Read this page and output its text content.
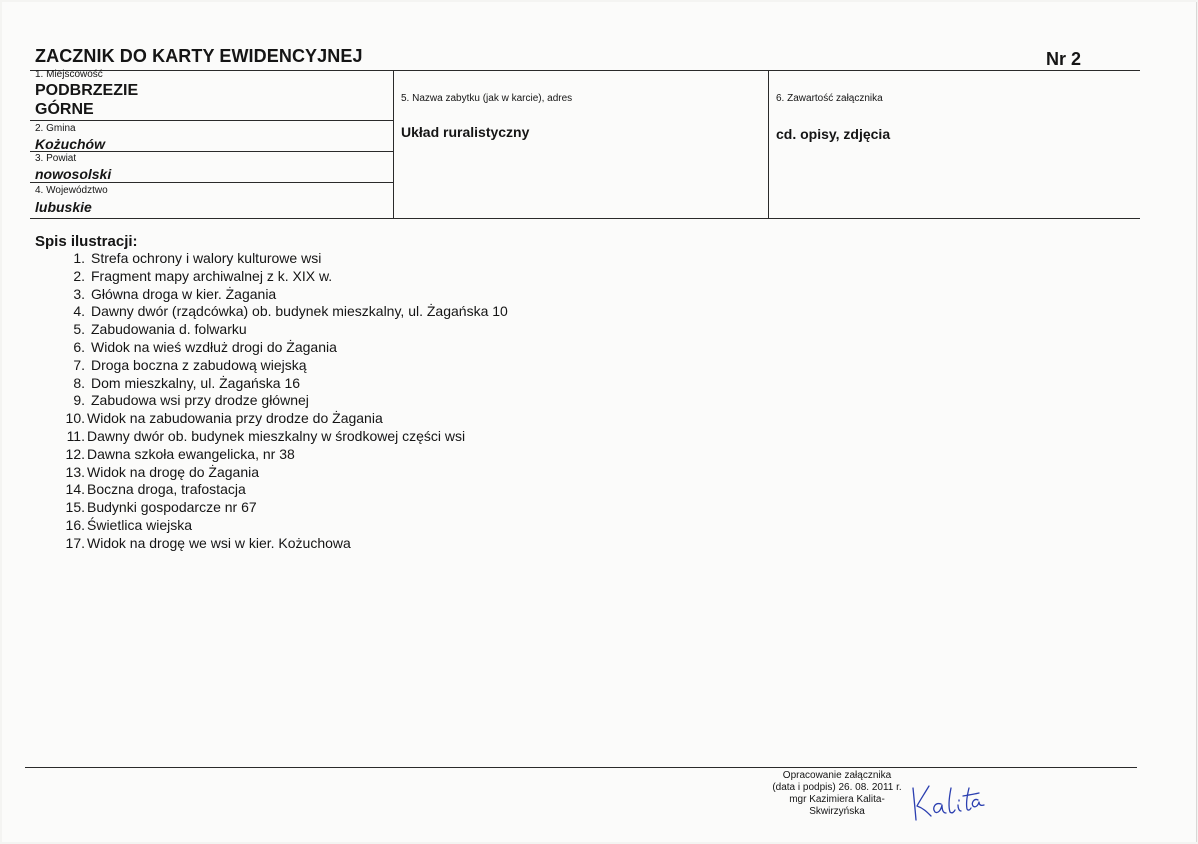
ZACZNIK DO KARTY EWIDENCYJNEJ	Nr 2
1. Miejscowość
PODBRZEZIE
GÓRNE
2. Gmina
Kożuchów
3. Powiat
nowosolski
4. Województwo
lubuskie
5. Nazwa zabytku (jak w karcie), adres
Układ ruralistyczny
6. Zawartość załącznika
cd. opisy, zdjęcia
Spis ilustracji:
1. Strefa ochrony i walory kulturowe wsi
2. Fragment mapy archiwalnej z k. XIX w.
3. Główna droga w kier. Żagania
4. Dawny dwór (rządcówka) ob. budynek mieszkalny, ul. Żagańska 10
5. Zabudowania d. folwarku
6. Widok na wieś wzdłuż drogi do Żagania
7. Droga boczna z zabudową wiejską
8. Dom mieszkalny, ul. Żagańska 16
9. Zabudowa wsi przy drodze głównej
10. Widok na zabudowania przy drodze do Żagania
11. Dawny dwór ob. budynek mieszkalny w środkowej części wsi
12. Dawna szkoła ewangelicka, nr 38
13. Widok na drogę do Żagania
14. Boczna droga, trafostacja
15. Budynki gospodarcze nr 67
16. Świetlica wiejska
17. Widok na drogę we wsi w kier. Kożuchowa
Opracowanie załącznika
(data i podpis) 26. 08. 2011 r.
mgr Kazimiera Kalita-
Skwirzyńska
